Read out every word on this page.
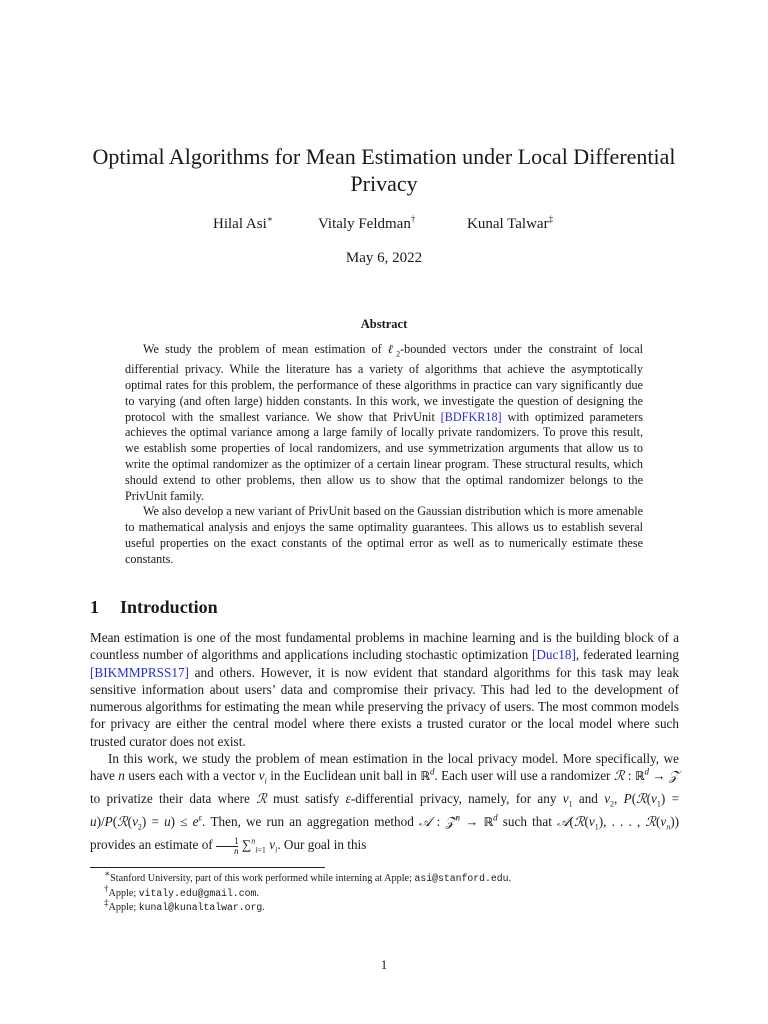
Optimal Algorithms for Mean Estimation under Local Differential Privacy
Hilal Asi∗	Vitaly Feldman†	Kunal Talwar‡
May 6, 2022
Abstract

We study the problem of mean estimation of ℓ$_2$-bounded vectors under the constraint of local differential privacy. While the literature has a variety of algorithms that achieve the asymptotically optimal rates for this problem, the performance of these algorithms in practice can vary significantly due to varying (and often large) hidden constants. In this work, we investigate the question of designing the protocol with the smallest variance. We show that PrivUnit [BDFKR18] with optimized parameters achieves the optimal variance among a large family of locally private randomizers. To prove this result, we establish some properties of local randomizers, and use symmetrization arguments that allow us to write the optimal randomizer as the optimizer of a certain linear program. These structural results, which should extend to other problems, then allow us to show that the optimal randomizer belongs to the PrivUnit family.

We also develop a new variant of PrivUnit based on the Gaussian distribution which is more amenable to mathematical analysis and enjoys the same optimality guarantees. This allows us to establish several useful properties on the exact constants of the optimal error as well as to numerically estimate these constants.

1 Introduction

Mean estimation is one of the most fundamental problems in machine learning and is the building block of a countless number of algorithms and applications including stochastic optimization [Duc18], federated learning [BIKMMPRSS17] and others. However, it is now evident that standard algorithms for this task may leak sensitive information about users’ data and compromise their privacy. This had led to the development of numerous algorithms for estimating the mean while preserving the privacy of users. The most common models for privacy are either the central model where there exists a trusted curator or the local model where such trusted curator does not exist.

In this work, we study the problem of mean estimation in the local privacy model. More specifically, we have n users each with a vector $v_i$ in the Euclidean unit ball in ℝ$^d$. Each user will use a randomizer ℛ : ℝ$^d$ → 𝒵 to privatize their data where ℛ must satisfy ε-differential privacy, namely, for any $v_1$ and $v_2$, $P(ℛ(v_1)$ = $u)/P(ℛ(v_2) = u) \le e^\varepsilon$. Then, we run an aggregation method 𝒜 : 𝒵$^n$ → ℝ$^d$ such that $𝒜(ℛ(v_1)$, . . . , $ℛ(v_n)$) provides an estimate of $\frac{1}{n} \sum^n_{i=1}$ $v_i$. Our goal in this

∗Stanford University, part of this work performed while interning at Apple; asi@stanford.edu.
†Apple; vitaly.edu@gmail.com.
‡Apple; kunal@kunaltalwar.org.
1
